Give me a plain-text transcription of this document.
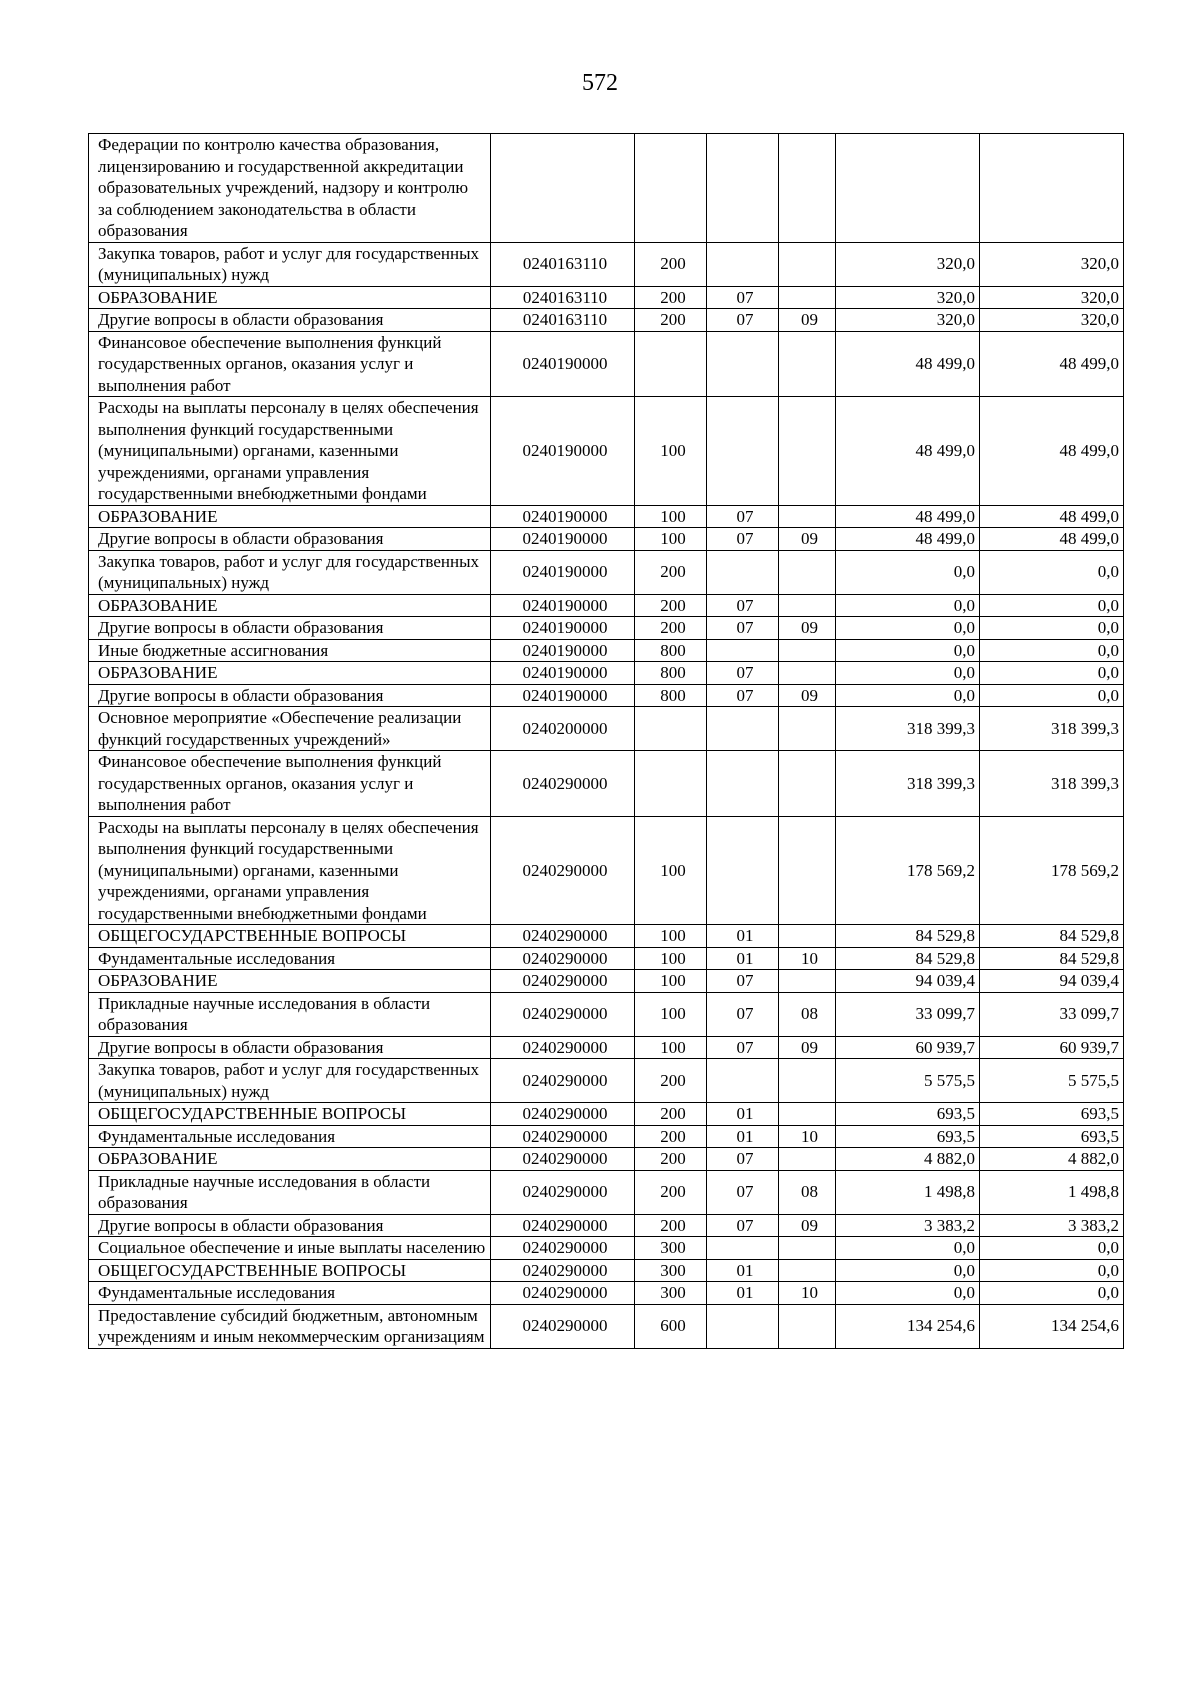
572
Федерации по контролю качества образования, лицензированию и государственной аккредитации образовательных учреждений, надзору и контролю за соблюдением законодательства в области образования						
Закупка товаров, работ и услуг для государственных (муниципальных) нужд	0240163110	200			320,0	320,0
ОБРАЗОВАНИЕ	0240163110	200	07		320,0	320,0
Другие вопросы в области образования	0240163110	200	07	09	320,0	320,0
Финансовое обеспечение выполнения функций государственных органов, оказания услуг и выполнения работ	0240190000				48 499,0	48 499,0
Расходы на выплаты персоналу в целях обеспечения выполнения функций государственными (муниципальными) органами, казенными учреждениями, органами управления государственными внебюджетными фондами	0240190000	100			48 499,0	48 499,0
ОБРАЗОВАНИЕ	0240190000	100	07		48 499,0	48 499,0
Другие вопросы в области образования	0240190000	100	07	09	48 499,0	48 499,0
Закупка товаров, работ и услуг для государственных (муниципальных) нужд	0240190000	200			0,0	0,0
ОБРАЗОВАНИЕ	0240190000	200	07		0,0	0,0
Другие вопросы в области образования	0240190000	200	07	09	0,0	0,0
Иные бюджетные ассигнования	0240190000	800			0,0	0,0
ОБРАЗОВАНИЕ	0240190000	800	07		0,0	0,0
Другие вопросы в области образования	0240190000	800	07	09	0,0	0,0
Основное мероприятие «Обеспечение реализации функций государственных учреждений»	0240200000				318 399,3	318 399,3
Финансовое обеспечение выполнения функций государственных органов, оказания услуг и выполнения работ	0240290000				318 399,3	318 399,3
Расходы на выплаты персоналу в целях обеспечения выполнения функций государственными (муниципальными) органами, казенными учреждениями, органами управления государственными внебюджетными фондами	0240290000	100			178 569,2	178 569,2
ОБЩЕГОСУДАРСТВЕННЫЕ ВОПРОСЫ	0240290000	100	01		84 529,8	84 529,8
Фундаментальные исследования	0240290000	100	01	10	84 529,8	84 529,8
ОБРАЗОВАНИЕ	0240290000	100	07		94 039,4	94 039,4
Прикладные научные исследования в области образования	0240290000	100	07	08	33 099,7	33 099,7
Другие вопросы в области образования	0240290000	100	07	09	60 939,7	60 939,7
Закупка товаров, работ и услуг для государственных (муниципальных) нужд	0240290000	200			5 575,5	5 575,5
ОБЩЕГОСУДАРСТВЕННЫЕ ВОПРОСЫ	0240290000	200	01		693,5	693,5
Фундаментальные исследования	0240290000	200	01	10	693,5	693,5
ОБРАЗОВАНИЕ	0240290000	200	07		4 882,0	4 882,0
Прикладные научные исследования в области образования	0240290000	200	07	08	1 498,8	1 498,8
Другие вопросы в области образования	0240290000	200	07	09	3 383,2	3 383,2
Социальное обеспечение и иные выплаты населению	0240290000	300			0,0	0,0
ОБЩЕГОСУДАРСТВЕННЫЕ ВОПРОСЫ	0240290000	300	01		0,0	0,0
Фундаментальные исследования	0240290000	300	01	10	0,0	0,0
Предоставление субсидий бюджетным, автономным учреждениям и иным некоммерческим организациям	0240290000	600			134 254,6	134 254,6
